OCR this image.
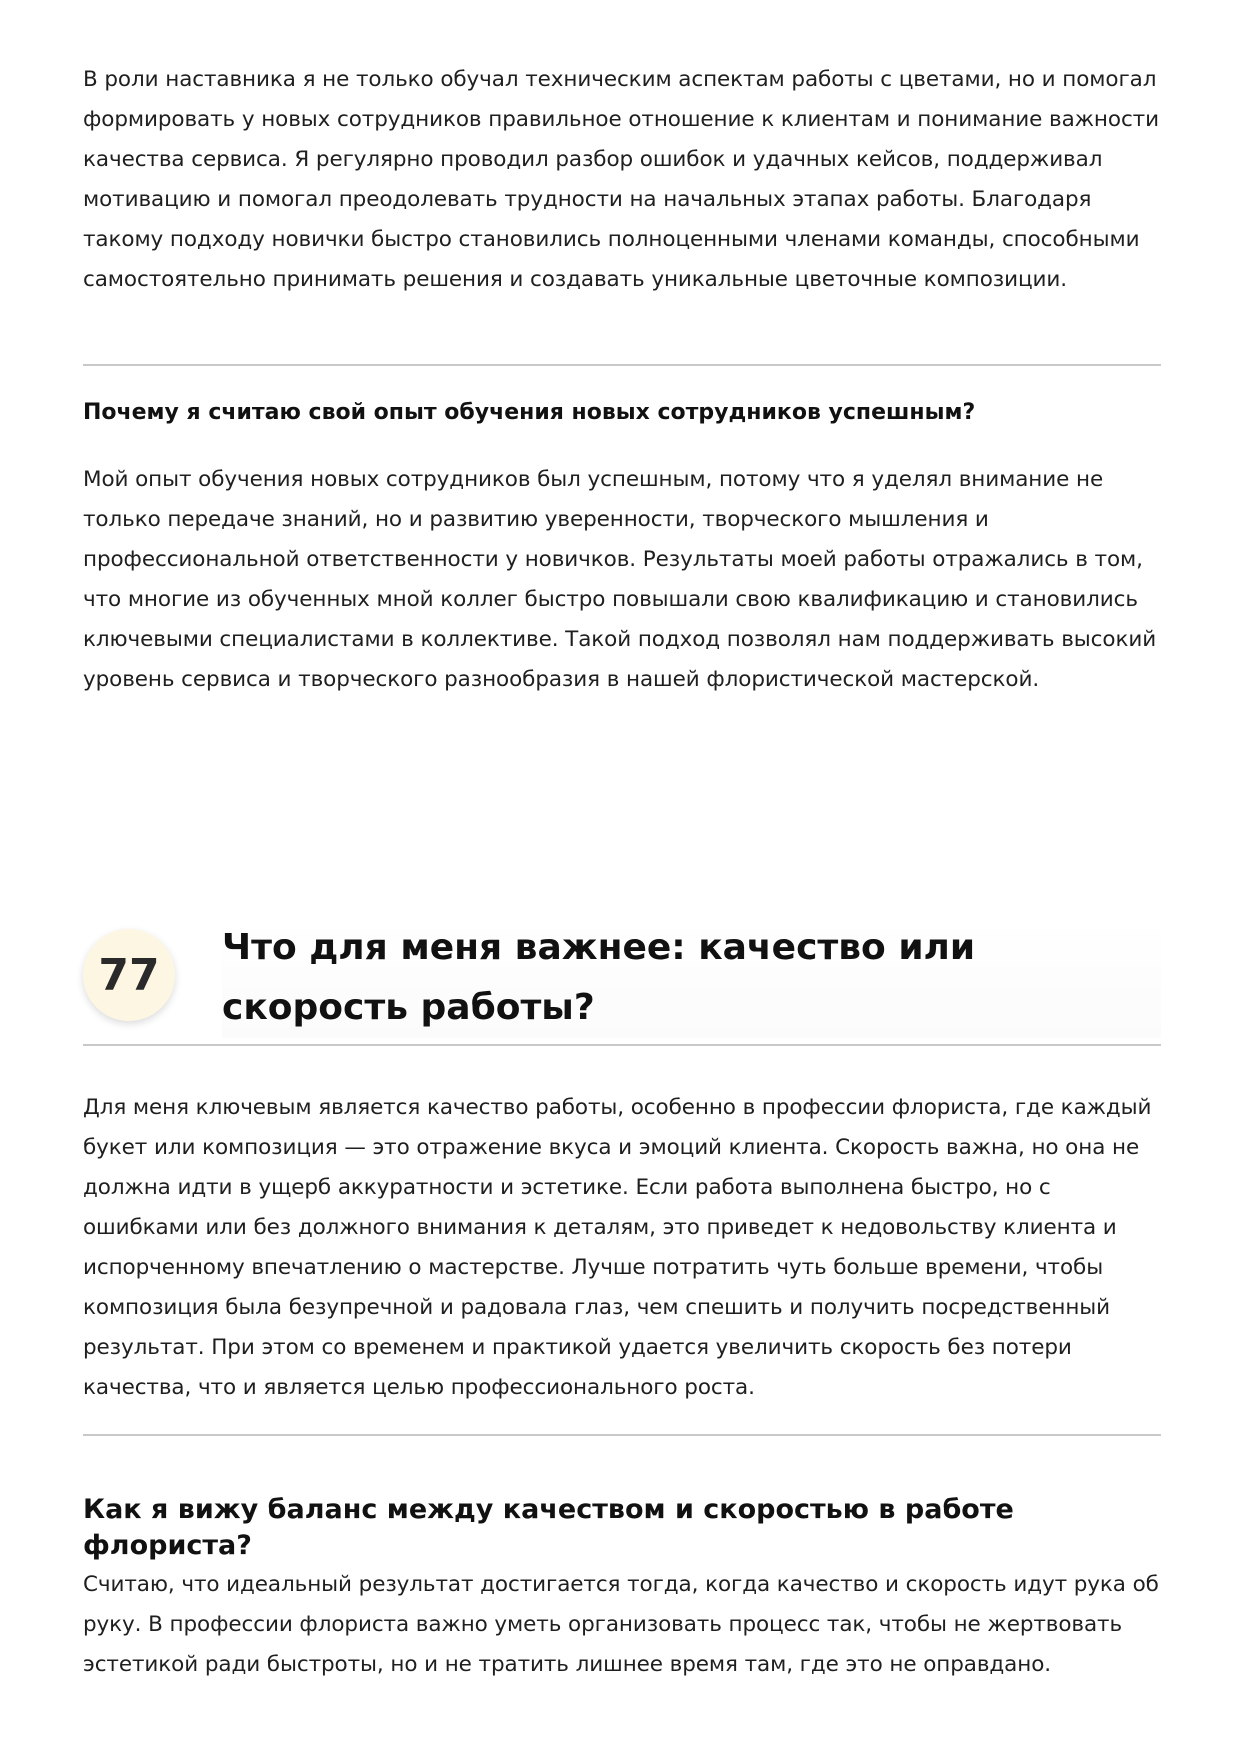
В роли наставника я не только обучал техническим аспектам работы с цветами, но и помогал формировать у новых сотрудников правильное отношение к клиентам и понимание важности качества сервиса. Я регулярно проводил разбор ошибок и удачных кейсов, поддерживал мотивацию и помогал преодолевать трудности на начальных этапах работы. Благодаря такому подходу новички быстро становились полноценными членами команды, способными самостоятельно принимать решения и создавать уникальные цветочные композиции.

Почему я считаю свой опыт обучения новых сотрудников успешным?

Мой опыт обучения новых сотрудников был успешным, потому что я уделял внимание не только передаче знаний, но и развитию уверенности, творческого мышления и профессиональной ответственности у новичков. Результаты моей работы отражались в том, что многие из обученных мной коллег быстро повышали свою квалификацию и становились ключевыми специалистами в коллективе. Такой подход позволял нам поддерживать высокий уровень сервиса и творческого разнообразия в нашей флористической мастерской.

77
Что для меня важнее: качество или скорость работы?

Для меня ключевым является качество работы, особенно в профессии флориста, где каждый букет или композиция — это отражение вкуса и эмоций клиента. Скорость важна, но она не должна идти в ущерб аккуратности и эстетике. Если работа выполнена быстро, но с ошибками или без должного внимания к деталям, это приведет к недовольству клиента и испорченному впечатлению о мастерстве. Лучше потратить чуть больше времени, чтобы композиция была безупречной и радовала глаз, чем спешить и получить посредственный результат. При этом со временем и практикой удается увеличить скорость без потери качества, что и является целью профессионального роста.

Как я вижу баланс между качеством и скоростью в работе флориста?

Считаю, что идеальный результат достигается тогда, когда качество и скорость идут рука об руку. В профессии флориста важно уметь организовать процесс так, чтобы не жертвовать эстетикой ради быстроты, но и не тратить лишнее время там, где это не оправдано.
